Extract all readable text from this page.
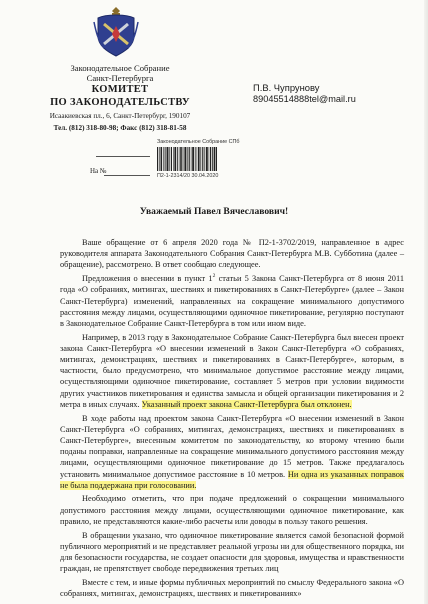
Законодательное Собрание
Санкт-Петербурга
КОМИТЕТ
ПО ЗАКОНОДАТЕЛЬСТВУ
Исаакиевская пл., 6, Санкт-Петербург, 190107
Тел. (812) 318-80-98; Факс (812) 318-81-58
П.В. Чупрунову
89045514888tel@mail.ru
Законодательное Собрание СПб
П2-1-2314/20 30.04.2020
На №
Уважаемый Павел Вячеславович!

Ваше обращение от 6 апреля 2020 года № П2-1-3702/2019, направленное в адрес руководителя аппарата Законодательного Собрания Санкт-Петербурга М.В. Субботина (далее – обращение), рассмотрено. В ответ сообщаю следующее.

Предложения о внесении в пункт $1^2$ статьи 5 Закона Санкт-Петербурга от 8 июня 2011 года «О собраниях, митингах, шествиях и пикетированиях в Санкт-Петербурге» (далее – Закон Санкт-Петербурга) изменений, направленных на сокращение минимального допустимого расстояния между лицами, осуществляющими одиночное пикетирование, регулярно поступают в Законодательное Собрание Санкт-Петербурга в том или ином виде.

Например, в 2013 году в Законодательное Собрание Санкт-Петербурга был внесен проект закона Санкт-Петербурга «О внесении изменений в Закон Санкт-Петербурга «О собраниях, митингах, демонстрациях, шествиях и пикетированиях в Санкт-Петербурге», которым, в частности, было предусмотрено, что минимальное допустимое расстояние между лицами, осуществляющими одиночное пикетирование, составляет 5 метров при условии видимости других участников пикетирования и единства замысла и общей организации пикетирования и 2 метра в иных случаях. Указанный проект закона Санкт-Петербурга был отклонен.

В ходе работы над проектом закона Санкт-Петербурга «О внесении изменений в Закон Санкт-Петербурга «О собраниях, митингах, демонстрациях, шествиях и пикетированиях в Санкт-Петербурге», внесенным комитетом по законодательству, ко второму чтению были поданы поправки, направленные на сокращение минимального допустимого расстояния между лицами, осуществляющими одиночное пикетирование до 15 метров. Также предлагалось установить минимальное допустимое расстояние в 10 метров. Ни одна из указанных поправок не была поддержана при голосовании.

Необходимо отметить, что при подаче предложений о сокращении минимального допустимого расстояния между лицами, осуществляющими одиночное пикетирование, как правило, не представляются какие-либо расчеты или доводы в пользу такого решения.

В обращении указано, что одиночное пикетирование является самой безопасной формой публичного мероприятий и не представляет реальной угрозы ни для общественного порядка, ни для безопасности государства, не создает опасности для здоровья, имущества и нравственности граждан, не препятствует свободе передвижения третьих лиц

Вместе с тем, и иные формы публичных мероприятий по смыслу Федерального закона «О собраниях, митингах, демонстрациях, шествиях и пикетированиях»
